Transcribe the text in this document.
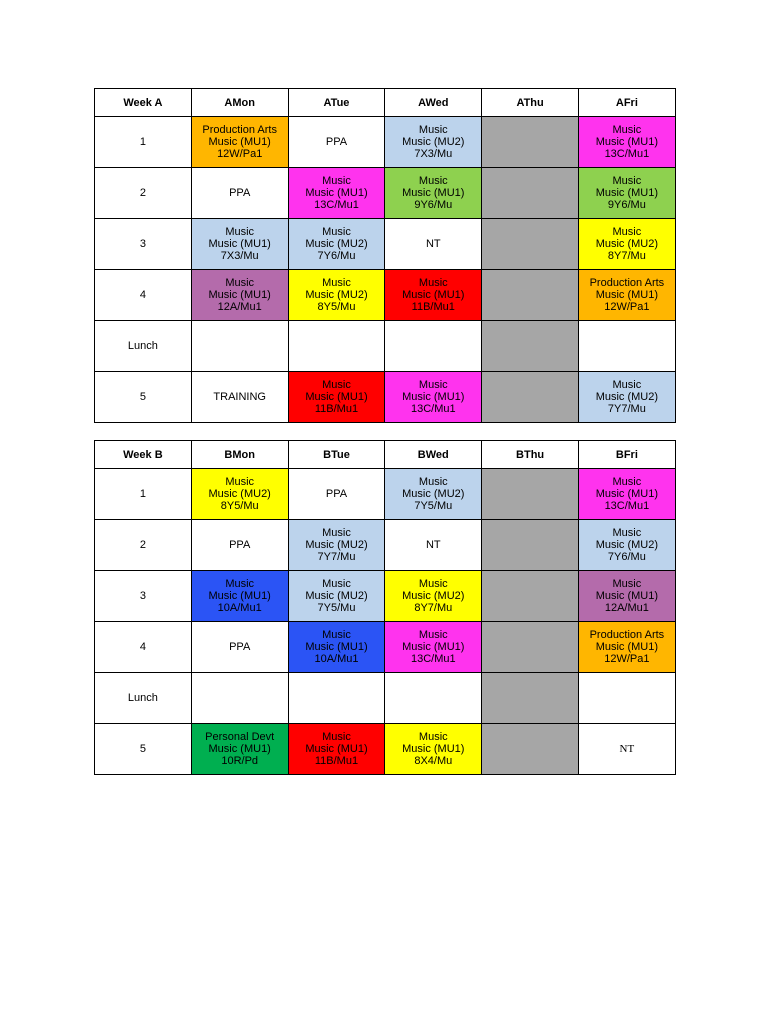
Week A	AMon	ATue	AWed	AThu	AFri
1	Production Arts
Music (MU1)
12W/Pa1	PPA	Music
Music (MU2)
7X3/Mu		Music
Music (MU1)
13C/Mu1
2	PPA	Music
Music (MU1)
13C/Mu1	Music
Music (MU1)
9Y6/Mu		Music
Music (MU1)
9Y6/Mu
3	Music
Music (MU1)
7X3/Mu	Music
Music (MU2)
7Y6/Mu	NT		Music
Music (MU2)
8Y7/Mu
4	Music
Music (MU1)
12A/Mu1	Music
Music (MU2)
8Y5/Mu	Music
Music (MU1)
11B/Mu1		Production Arts
Music (MU1)
12W/Pa1
Lunch					
5	TRAINING	Music
Music (MU1)
11B/Mu1	Music
Music (MU1)
13C/Mu1		Music
Music (MU2)
7Y7/Mu
Week B	BMon	BTue	BWed	BThu	BFri
1	Music
Music (MU2)
8Y5/Mu	PPA	Music
Music (MU2)
7Y5/Mu		Music
Music (MU1)
13C/Mu1
2	PPA	Music
Music (MU2)
7Y7/Mu	NT		Music
Music (MU2)
7Y6/Mu
3	Music
Music (MU1)
10A/Mu1	Music
Music (MU2)
7Y5/Mu	Music
Music (MU2)
8Y7/Mu		Music
Music (MU1)
12A/Mu1
4	PPA	Music
Music (MU1)
10A/Mu1	Music
Music (MU1)
13C/Mu1		Production Arts
Music (MU1)
12W/Pa1
Lunch					
5	Personal Devt
Music (MU1)
10R/Pd	Music
Music (MU1)
11B/Mu1	Music
Music (MU1)
8X4/Mu		NT
